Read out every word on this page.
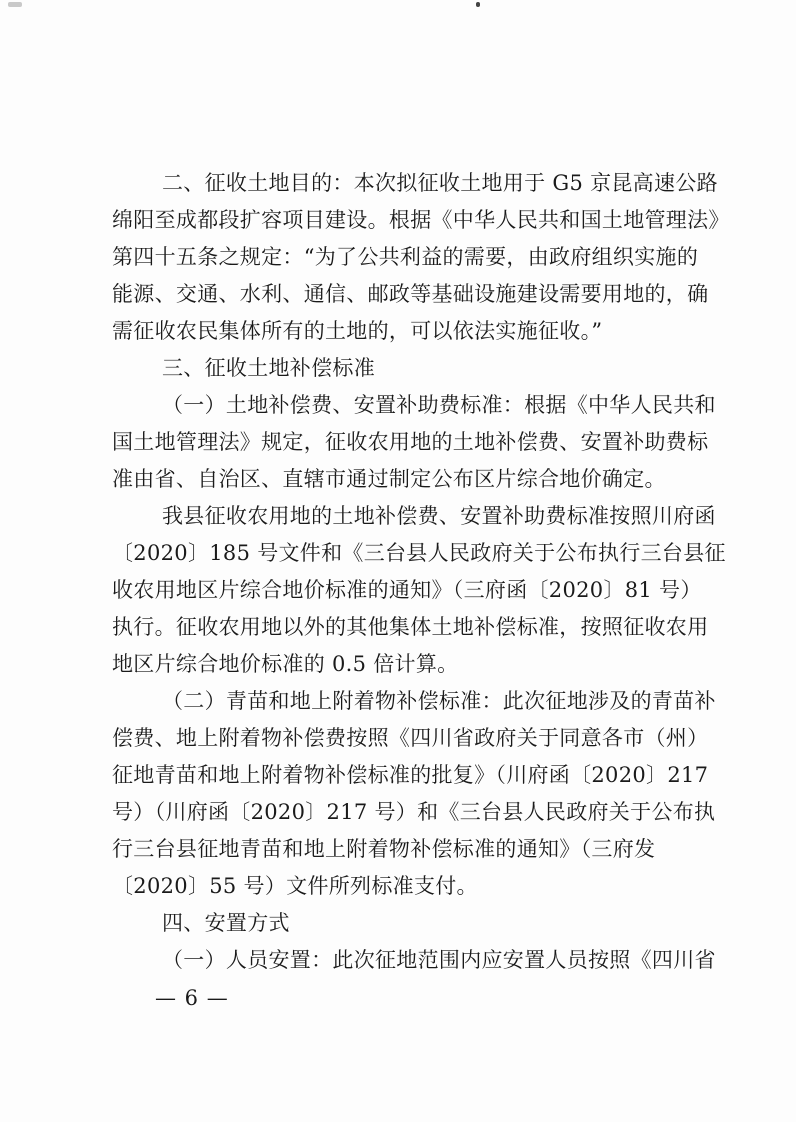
二、征收土地目的：本次拟征收土地用于 G5 京昆高速公路
绵阳至成都段扩容项目建设。根据《中华人民共和国土地管理法》
第四十五条之规定：“为了公共利益的需要，由政府组织实施的
能源、交通、水利、通信、邮政等基础设施建设需要用地的，确
需征收农民集体所有的土地的，可以依法实施征收。”
三、征收土地补偿标准
（一）土地补偿费、安置补助费标准：根据《中华人民共和
国土地管理法》规定，征收农用地的土地补偿费、安置补助费标
准由省、自治区、直辖市通过制定公布区片综合地价确定。
我县征收农用地的土地补偿费、安置补助费标准按照川府函
〔2020〕185 号文件和《三台县人民政府关于公布执行三台县征
收农用地区片综合地价标准的通知》（三府函〔2020〕81 号）
执行。征收农用地以外的其他集体土地补偿标准，按照征收农用
地区片综合地价标准的 0.5 倍计算。
（二）青苗和地上附着物补偿标准：此次征地涉及的青苗补
偿费、地上附着物补偿费按照《四川省政府关于同意各市（州）
征地青苗和地上附着物补偿标准的批复》（川府函〔2020〕217
号）（川府函〔2020〕217 号）和《三台县人民政府关于公布执
行三台县征地青苗和地上附着物补偿标准的通知》（三府发
〔2020〕55 号）文件所列标准支付。
四、安置方式
（一）人员安置：此次征地范围内应安置人员按照《四川省
— 6 —
